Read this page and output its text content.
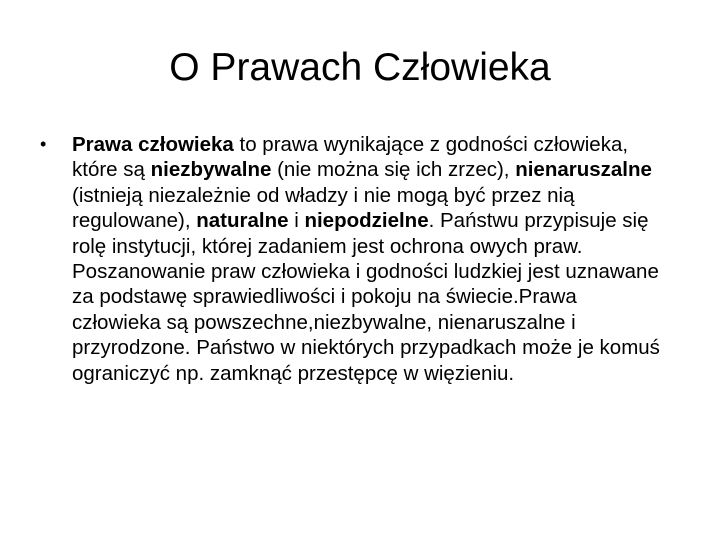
O Prawach Człowieka
• Prawa człowieka to prawa wynikające z godności człowieka, które są niezbywalne (nie można się ich zrzec), nienaruszalne (istnieją niezależnie od władzy i nie mogą być przez nią regulowane), naturalne i niepodzielne. Państwu przypisuje się rolę instytucji, której zadaniem jest ochrona owych praw. Poszanowanie praw człowieka i godności ludzkiej jest uznawane za podstawę sprawiedliwości i pokoju na świecie.Prawa człowieka są powszechne,niezbywalne, nienaruszalne i przyrodzone. Państwo w niektórych przypadkach może je komuś ograniczyć np. zamknąć przestępcę w więzieniu.
